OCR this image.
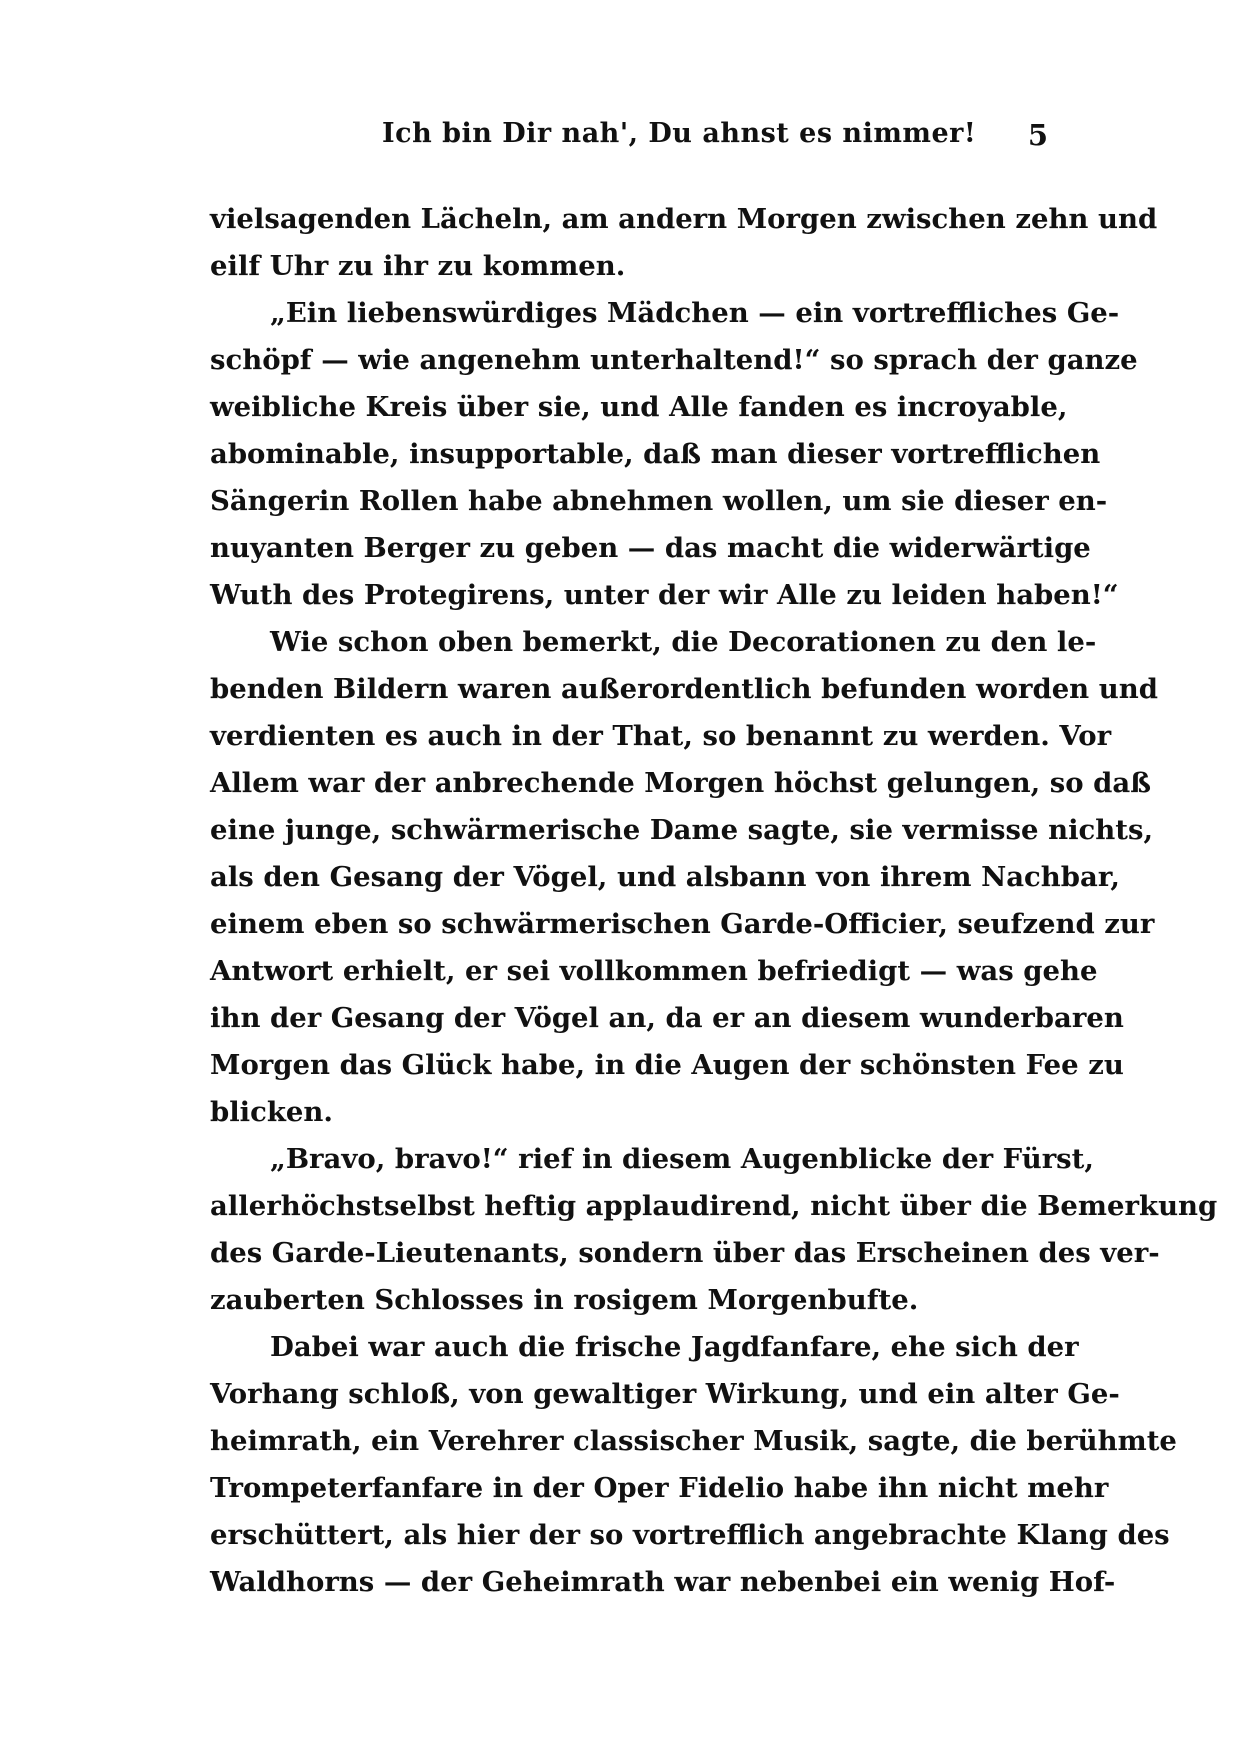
Ich bin Dir nah', Du ahnst es nimmer! 5
vielsagenden Lächeln, am andern Morgen zwischen zehn und
eilf Uhr zu ihr zu kommen.
„Ein liebenswürdiges Mädchen — ein vortreffliches Ge-
schöpf — wie angenehm unterhaltend!“ so sprach der ganze
weibliche Kreis über sie, und Alle fanden es incroyable,
abominable, insupportable, daß man dieser vortrefflichen
Sängerin Rollen habe abnehmen wollen, um sie dieser en-
nuyanten Berger zu geben — das macht die widerwärtige
Wuth des Protegirens, unter der wir Alle zu leiden haben!“
Wie schon oben bemerkt, die Decorationen zu den le-
benden Bildern waren außerordentlich befunden worden und
verdienten es auch in der That, so benannt zu werden. Vor
Allem war der anbrechende Morgen höchst gelungen, so daß
eine junge, schwärmerische Dame sagte, sie vermisse nichts,
als den Gesang der Vögel, und alsbann von ihrem Nachbar,
einem eben so schwärmerischen Garde-Officier, seufzend zur
Antwort erhielt, er sei vollkommen befriedigt — was gehe
ihn der Gesang der Vögel an, da er an diesem wunderbaren
Morgen das Glück habe, in die Augen der schönsten Fee zu
blicken.
„Bravo, bravo!“ rief in diesem Augenblicke der Fürst,
allerhöchstselbst heftig applaudirend, nicht über die Bemerkung
des Garde-Lieutenants, sondern über das Erscheinen des ver-
zauberten Schlosses in rosigem Morgenbufte.
Dabei war auch die frische Jagdfanfare, ehe sich der
Vorhang schloß, von gewaltiger Wirkung, und ein alter Ge-
heimrath, ein Verehrer classischer Musik, sagte, die berühmte
Trompeterfanfare in der Oper Fidelio habe ihn nicht mehr
erschüttert, als hier der so vortrefflich angebrachte Klang des
Waldhorns — der Geheimrath war nebenbei ein wenig Hof-
